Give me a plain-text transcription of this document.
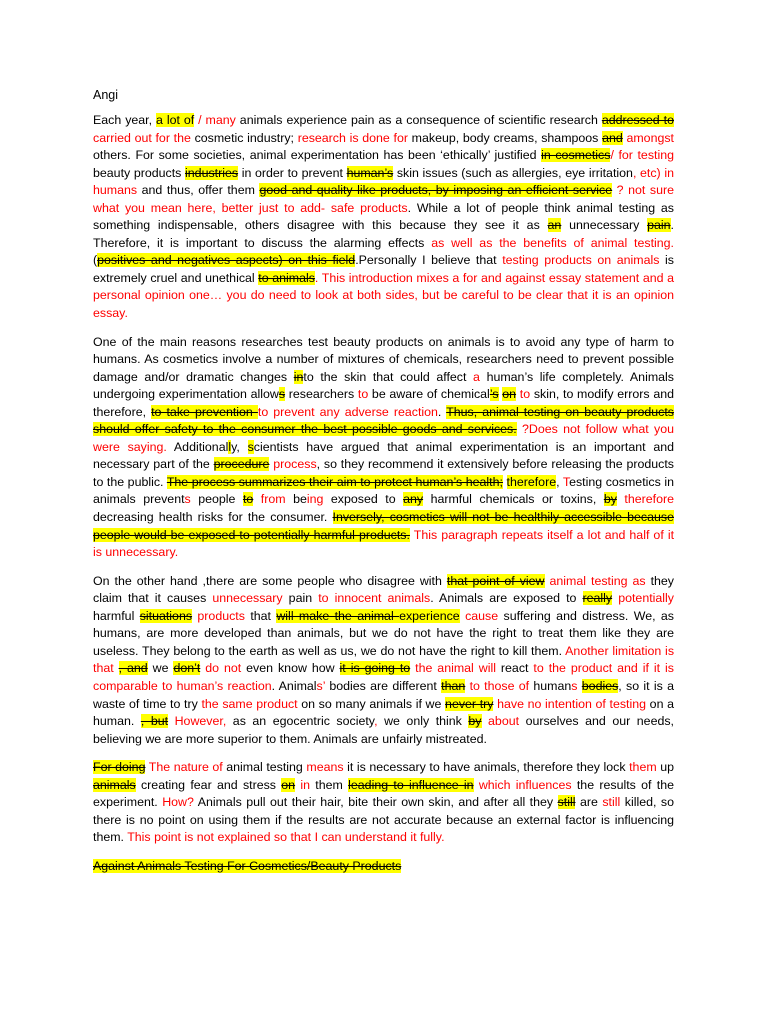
Angi
Each year, a lot of / many animals experience pain as a consequence of scientific research addressed to carried out for the cosmetic industry; research is done for makeup, body creams, shampoos and amongst others. For some societies, animal experimentation has been ‘ethically’ justified in cosmetics/ for testing beauty products industries in order to prevent human’s skin issues (such as allergies, eye irritation, etc) in humans and thus, offer them good and quality like products, by imposing an efficient service ? not sure what you mean here, better just to add- safe products. While a lot of people think animal testing as something indispensable, others disagree with this because they see it as an unnecessary pain. Therefore, it is important to discuss the alarming effects as well as the benefits of animal testing. (positives and negatives aspects) on this field.Personally I believe that testing products on animals is extremely cruel and unethical to animals. This introduction mixes a for and against essay statement and a personal opinion one… you do need to look at both sides, but be careful to be clear that it is an opinion essay.
One of the main reasons researches test beauty products on animals is to avoid any type of harm to humans. As cosmetics involve a number of mixtures of chemicals, researchers need to prevent possible damage and/or dramatic changes into the skin that could affect a human’s life completely. Animals undergoing experimentation allows researchers to be aware of chemical’s on to skin, to modify errors and therefore, to take prevention to prevent any adverse reaction. Thus, animal testing on beauty products should offer safety to the consumer the best possible goods and services. ?Does not follow what you were saying. Additionally, scientists have argued that animal experimentation is an important and necessary part of the procedure process, so they recommend it extensively before releasing the products to the public. The process summarizes their aim to protect human’s health; therefore, Testing cosmetics in animals prevents people to from being exposed to any harmful chemicals or toxins, by therefore decreasing health risks for the consumer. Inversely, cosmetics will not be healthily accessible because people would be exposed to potentially harmful products. This paragraph repeats itself a lot and half of it is unnecessary.
On the other hand ,there are some people who disagree with that point of view animal testing as they claim that it causes unnecessary pain to innocent animals. Animals are exposed to really potentially harmful situations products that will make the animal experience cause suffering and distress. We, as humans, are more developed than animals, but we do not have the right to treat them like they are useless. They belong to the earth as well as us, we do not have the right to kill them. Another limitation is that , and we don’t do not even know how it is going to the animal will react to the product and if it is comparable to human’s reaction. Animals’ bodies are different than to those of humans bodies, so it is a waste of time to try the same product on so many animals if we never try have no intention of testing on a human. , but However, as an egocentric society, we only think by about ourselves and our needs, believing we are more superior to them. Animals are unfairly mistreated.
For doing The nature of animal testing means it is necessary to have animals, therefore they lock them up animals creating fear and stress on in them leading to influence in which influences the results of the experiment. How? Animals pull out their hair, bite their own skin, and after all they still are still killed, so there is no point on using them if the results are not accurate because an external factor is influencing them. This point is not explained so that I can understand it fully.
Against Animals Testing For Cosmetics/Beauty Products
